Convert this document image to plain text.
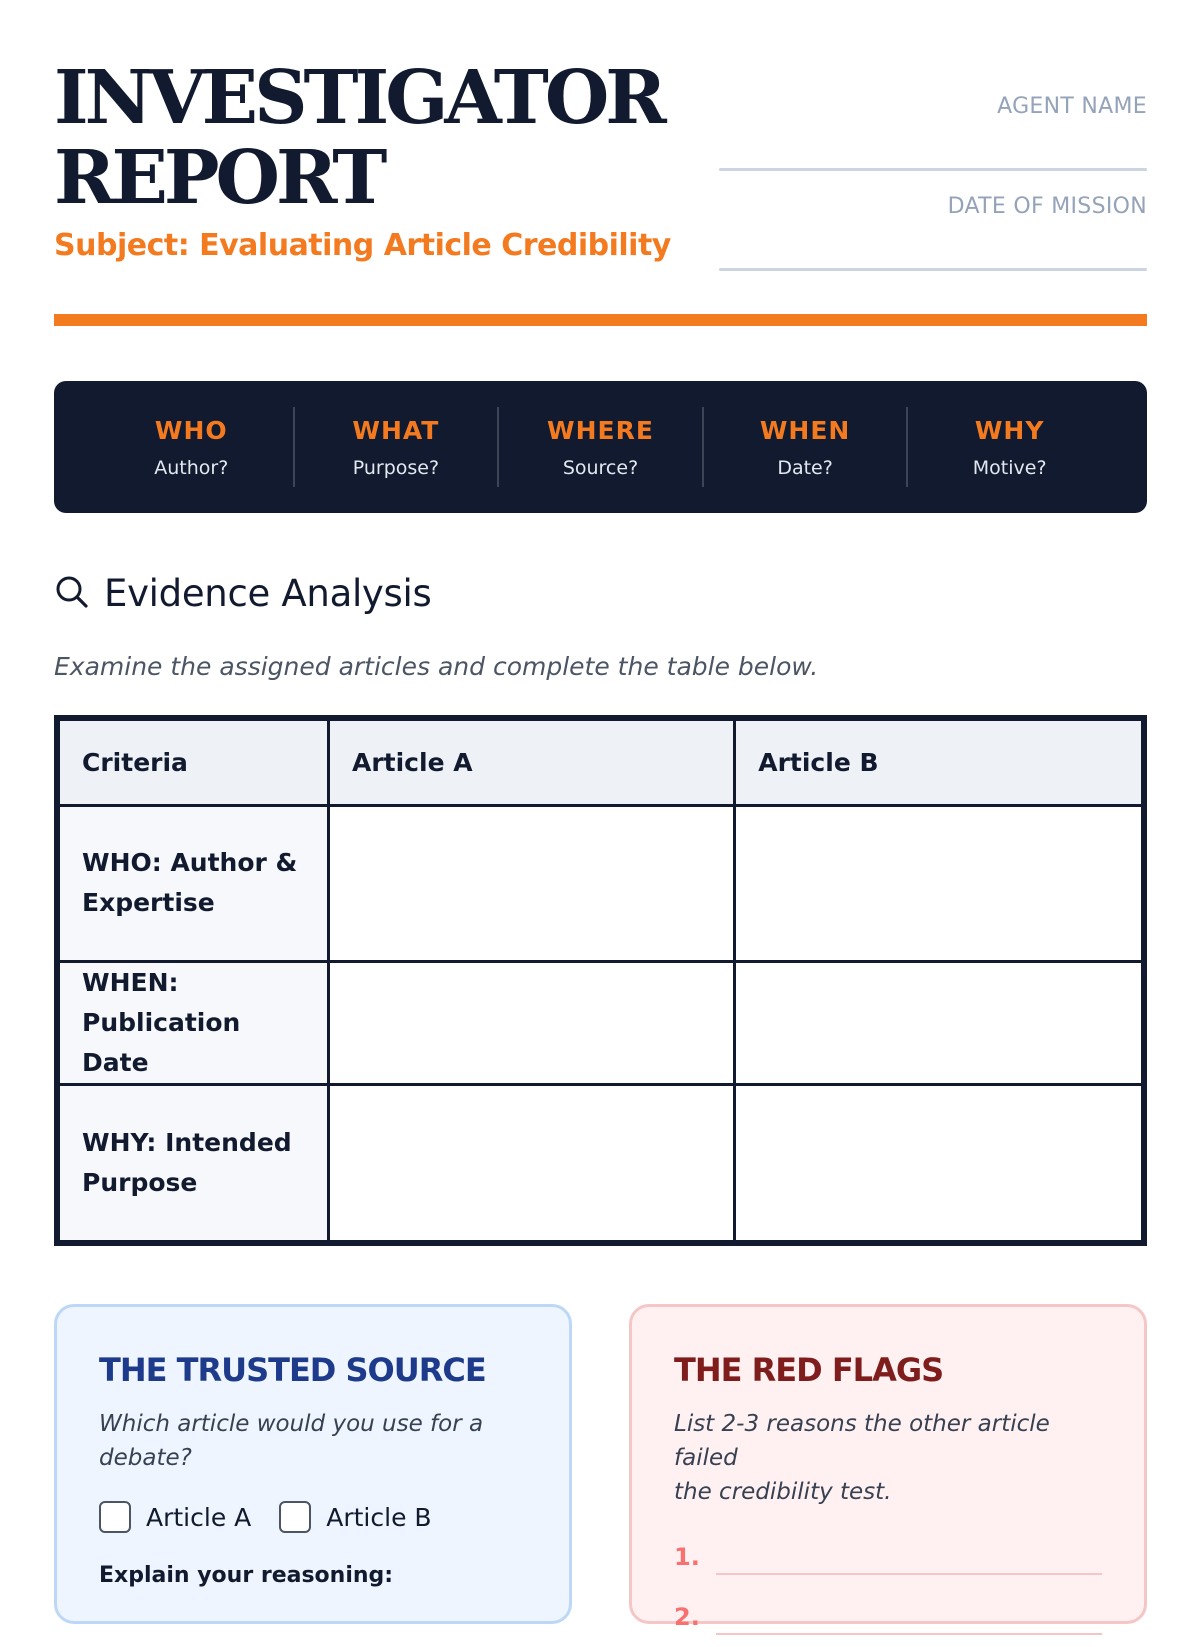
INVESTIGATOR
REPORT
Subject: Evaluating Article Credibility
AGENT NAME
DATE OF MISSION
WHO
Author?
WHAT
Purpose?
WHERE
Source?
WHEN
Date?
WHY
Motive?
Evidence Analysis
Examine the assigned articles and complete the table below.
Criteria	Article A	Article B

WHO: Author &
Expertise		

WHEN:
Publication Date		

WHY: Intended
Purpose		

THE TRUSTED SOURCE
Which article would you use for a
debate?
Article A	Article B
Explain your reasoning:
THE RED FLAGS
List 2-3 reasons the other article failed
the credibility test.
1.
2.
